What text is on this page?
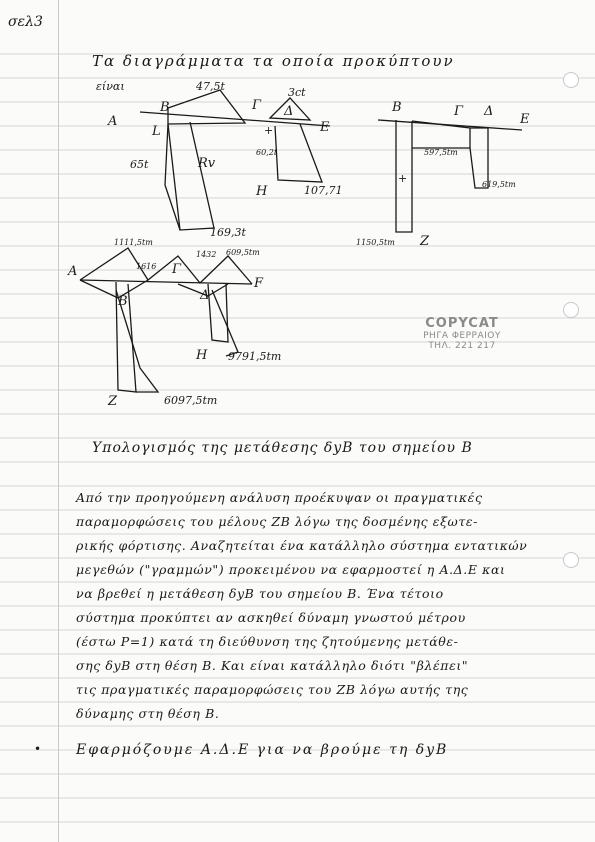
σελ3
Τα διαγράμματα τα οποία προκύπτουν
είναι	47,5t	3ct
Δ
Γ
Ε
Α
L
Β
+
Rv
65t
H	107,71
169,3t
60,2t
Β	Γ Δ
Ε
597,5tm
619,5tm
+
1150,5tm Ζ
1111,5tm
1432 609,5tm
1616
Α	Γ
Β
F
Δ
H 9791,5tm
Ζ	6097,5tm
COPYCAT
ΡΗΓΑ ΦΕΡΡΑΙΟΥ
ΤΗΛ. 221 217
Υπολογισμός της μετάθεσης δyB του σημείου Β
Από την προηγούμενη ανάλυση προέκυψαν οι πραγματικές
παραμορφώσεις του μέλους ΖΒ λόγω της δοσμένης εξωτε-
ρικής φόρτισης. Αναζητείται ένα κατάλληλο σύστημα εντατικών
μεγεθών ("γραμμών") προκειμένου να εφαρμοστεί η Α.Δ.Ε και
να βρεθεί η μετάθεση δyB του σημείου Β. Ένα τέτοιο
σύστημα προκύπτει αν ασκηθεί δύναμη γνωστού μέτρου
(έστω P=1) κατά τη διεύθυνση της ζητούμενης μετάθε-
σης δyB στη θέση Β. Και είναι κατάλληλο διότι "βλέπει"
τις πραγματικές παραμορφώσεις του ΖΒ λόγω αυτής της
δύναμης στη θέση Β.
• Εφαρμόζουμε Α.Δ.Ε για να βρούμε τη δyB
